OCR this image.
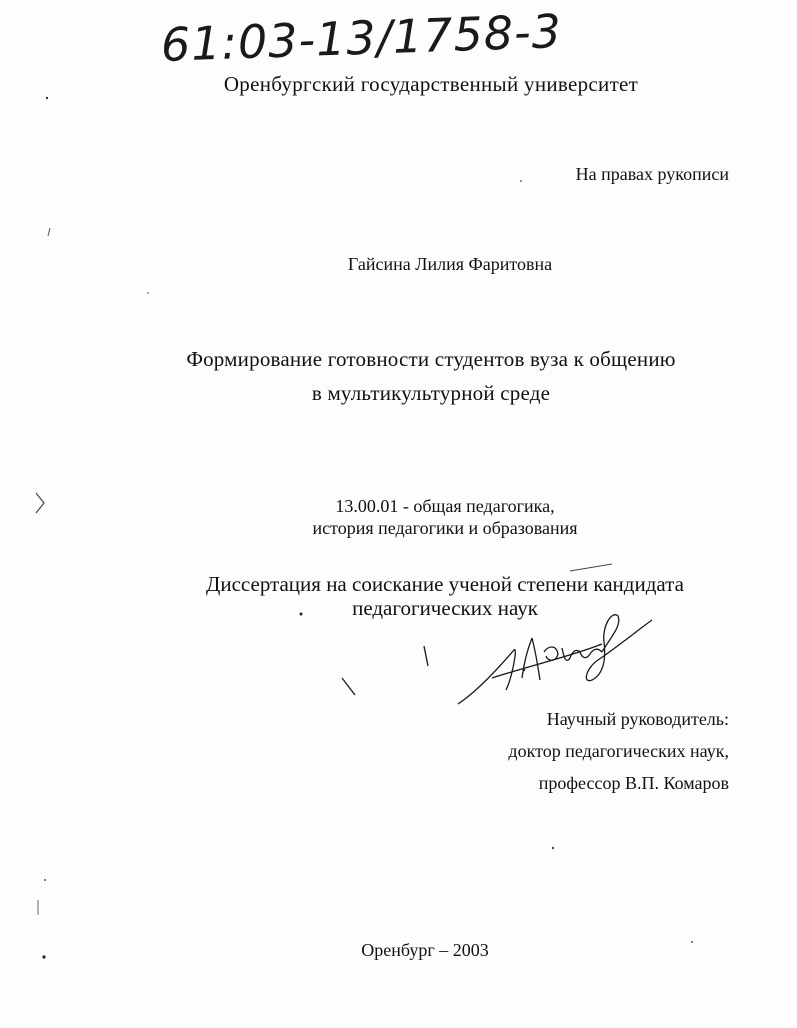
61:03-13/1758-3
Оренбургский государственный университет
На правах рукописи
Гайсина Лилия Фаритовна
Формирование готовности студентов вуза к общению
в мультикультурной среде
13.00.01 - общая педагогика,
история педагогики и образования
Диссертация на соискание ученой степени кандидата
педагогических наук
Научный руководитель:
доктор педагогических наук,
профессор В.П. Комаров
Оренбург – 2003
